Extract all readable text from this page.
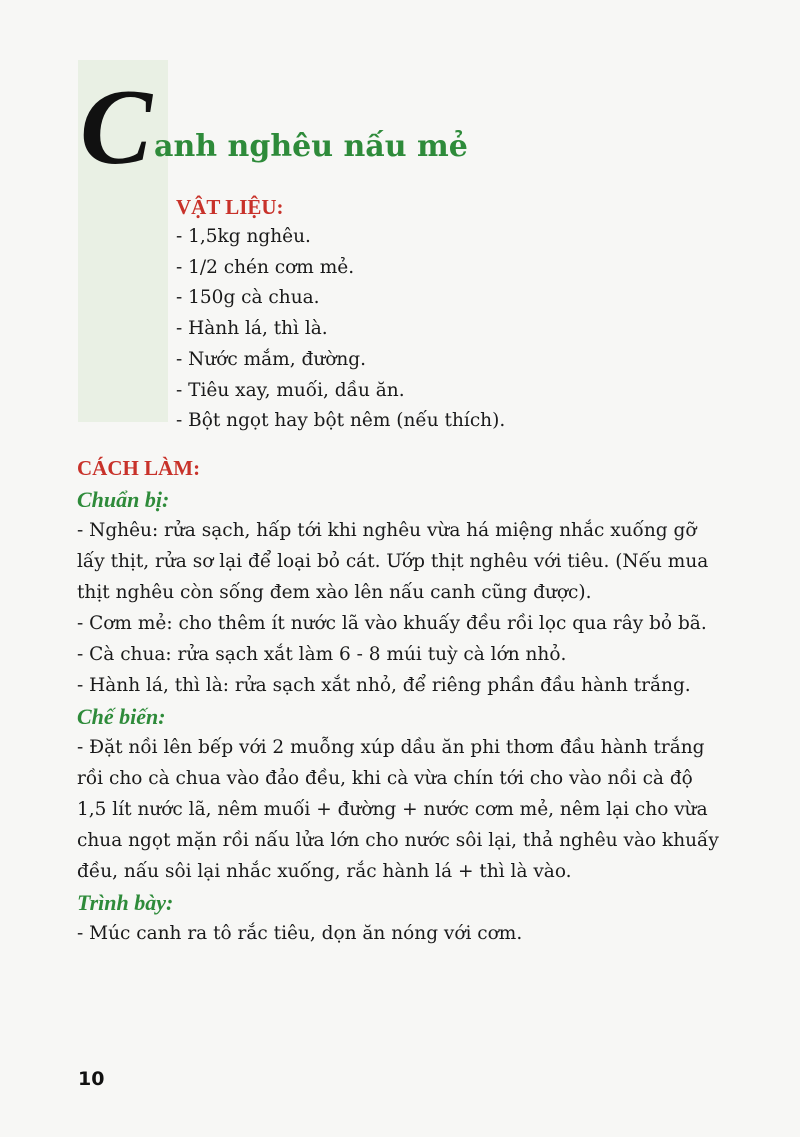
C anh nghêu nấu mẻ
VẬT LIỆU:
- 1,5kg nghêu.
- 1/2 chén cơm mẻ.
- 150g cà chua.
- Hành lá, thì là.
- Nước mắm, đường.
- Tiêu xay, muối, dầu ăn.
- Bột ngọt hay bột nêm (nếu thích).
CÁCH LÀM:
Chuẩn bị:

- Nghêu: rửa sạch, hấp tới khi nghêu vừa há miệng nhắc xuống gỡ lấy thịt, rửa sơ lại để loại bỏ cát. Ướp thịt nghêu với tiêu. (Nếu mua thịt nghêu còn sống đem xào lên nấu canh cũng được).

- Cơm mẻ: cho thêm ít nước lã vào khuấy đều rồi lọc qua rây bỏ bã.

- Cà chua: rửa sạch xắt làm 6 - 8 múi tuỳ cà lớn nhỏ.

- Hành lá, thì là: rửa sạch xắt nhỏ, để riêng phần đầu hành trắng.

Chế biến:

- Đặt nồi lên bếp với 2 muỗng xúp dầu ăn phi thơm đầu hành trắng rồi cho cà chua vào đảo đều, khi cà vừa chín tới cho vào nồi cà độ 1,5 lít nước lã, nêm muối + đường + nước cơm mẻ, nêm lại cho vừa chua ngọt mặn rồi nấu lửa lớn cho nước sôi lại, thả nghêu vào khuấy đều, nấu sôi lại nhắc xuống, rắc hành lá + thì là vào.

Trình bày:

- Múc canh ra tô rắc tiêu, dọn ăn nóng với cơm.

10
